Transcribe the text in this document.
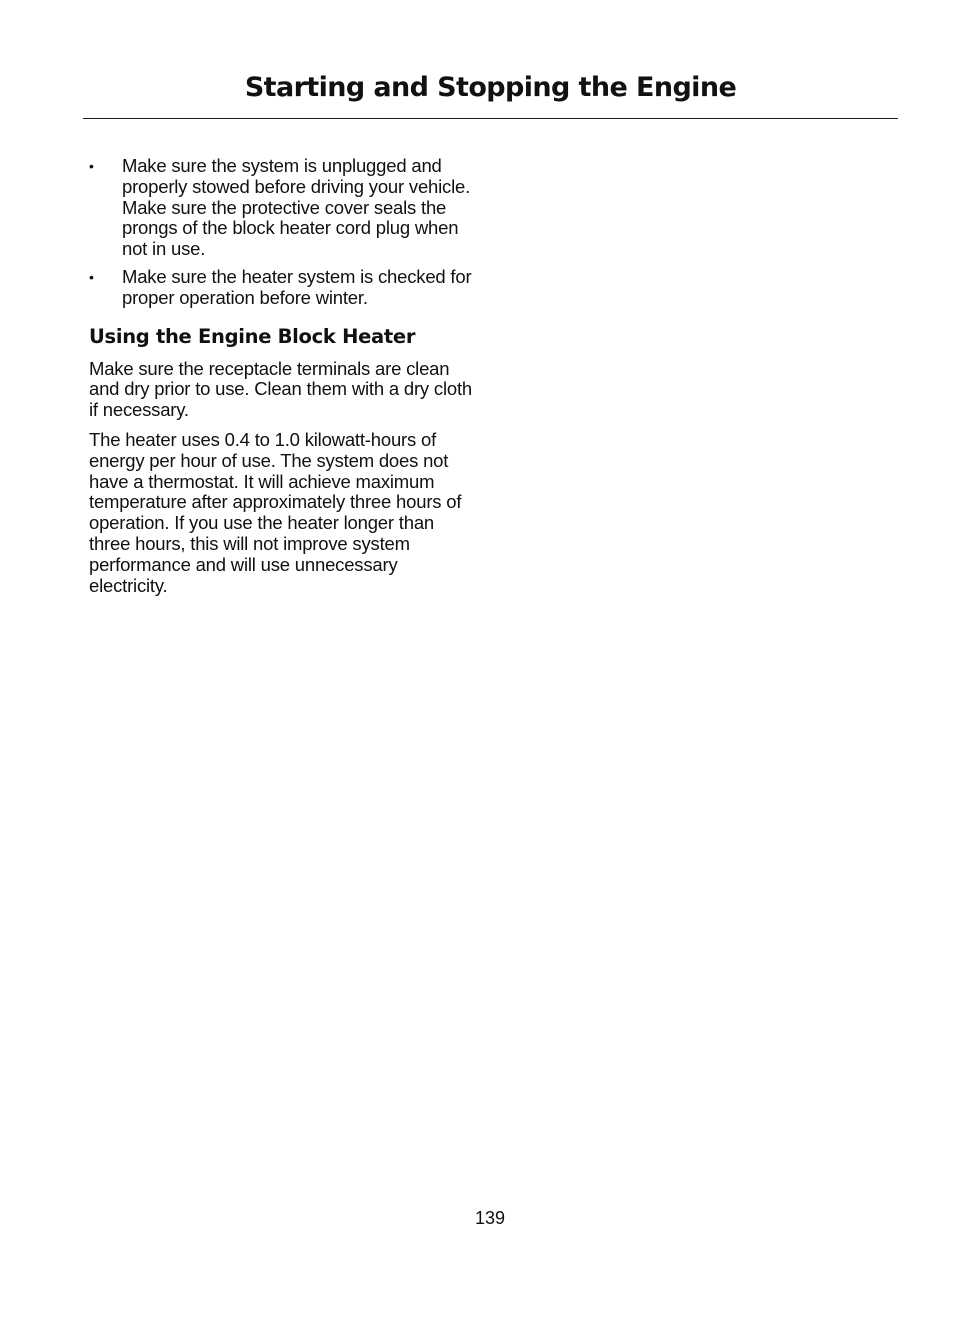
Starting and Stopping the Engine
• Make sure the system is unplugged and properly stowed before driving your vehicle. Make sure the protective cover seals the prongs of the block heater cord plug when not in use.
• Make sure the heater system is checked for proper operation before winter.
Using the Engine Block Heater

Make sure the receptacle terminals are clean and dry prior to use. Clean them with a dry cloth if necessary.

The heater uses 0.4 to 1.0 kilowatt-hours of energy per hour of use. The system does not have a thermostat. It will achieve maximum temperature after approximately three hours of operation. If you use the heater longer than three hours, this will not improve system performance and will use unnecessary electricity.

139
